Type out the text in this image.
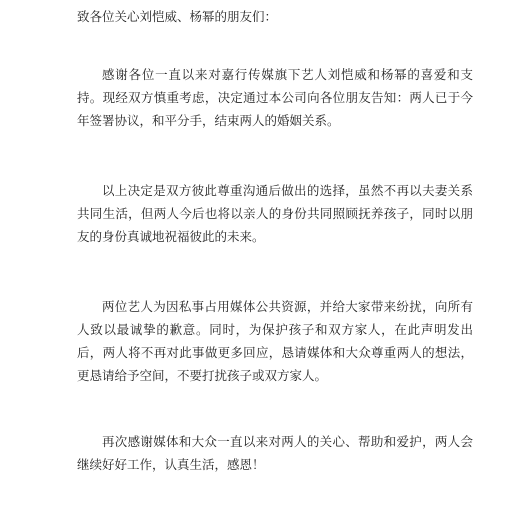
致各位关心刘恺威、杨幂的朋友们：

感谢各位一直以来对嘉行传媒旗下艺人刘恺威和杨幂的喜爱和支持。现经双方慎重考虑，决定通过本公司向各位朋友告知：两人已于今年签署协议，和平分手，结束两人的婚姻关系。

以上决定是双方彼此尊重沟通后做出的选择，虽然不再以夫妻关系共同生活，但两人今后也将以亲人的身份共同照顾抚养孩子，同时以朋友的身份真诚地祝福彼此的未来。

两位艺人为因私事占用媒体公共资源，并给大家带来纷扰，向所有人致以最诚挚的歉意。同时，为保护孩子和双方家人，在此声明发出后，两人将不再对此事做更多回应，恳请媒体和大众尊重两人的想法，更恳请给予空间，不要打扰孩子或双方家人。

再次感谢媒体和大众一直以来对两人的关心、帮助和爱护，两人会继续好好工作，认真生活，感恩！
